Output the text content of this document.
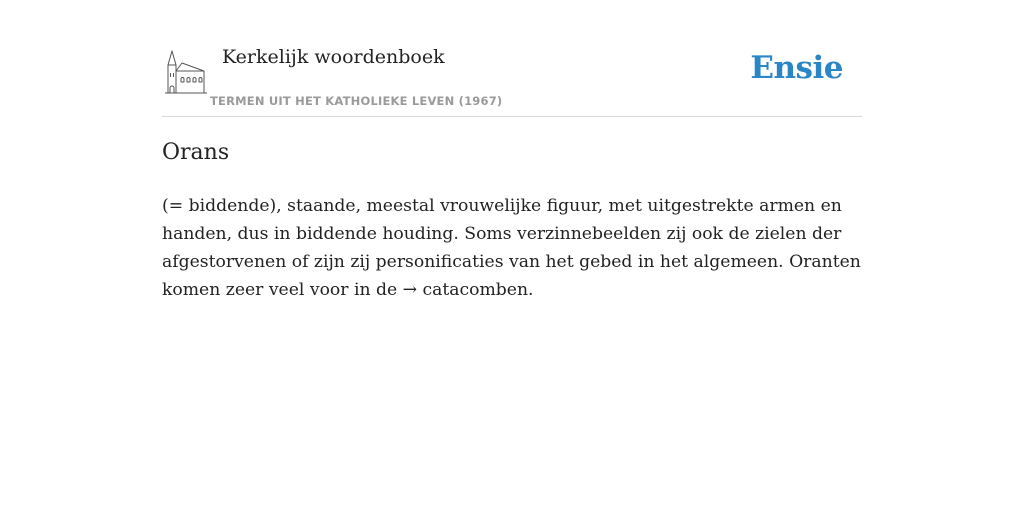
Kerkelijk woordenboek
TERMEN UIT HET KATHOLIEKE LEVEN (1967)
Ensie
Orans

(= biddende), staande, meestal vrouwelijke figuur, met uitgestrekte armen en handen, dus in biddende houding. Soms verzinnebeelden zij ook de zielen der afgestorvenen of zijn zij personificaties van het gebed in het algemeen. Oranten komen zeer veel voor in de → catacomben.
